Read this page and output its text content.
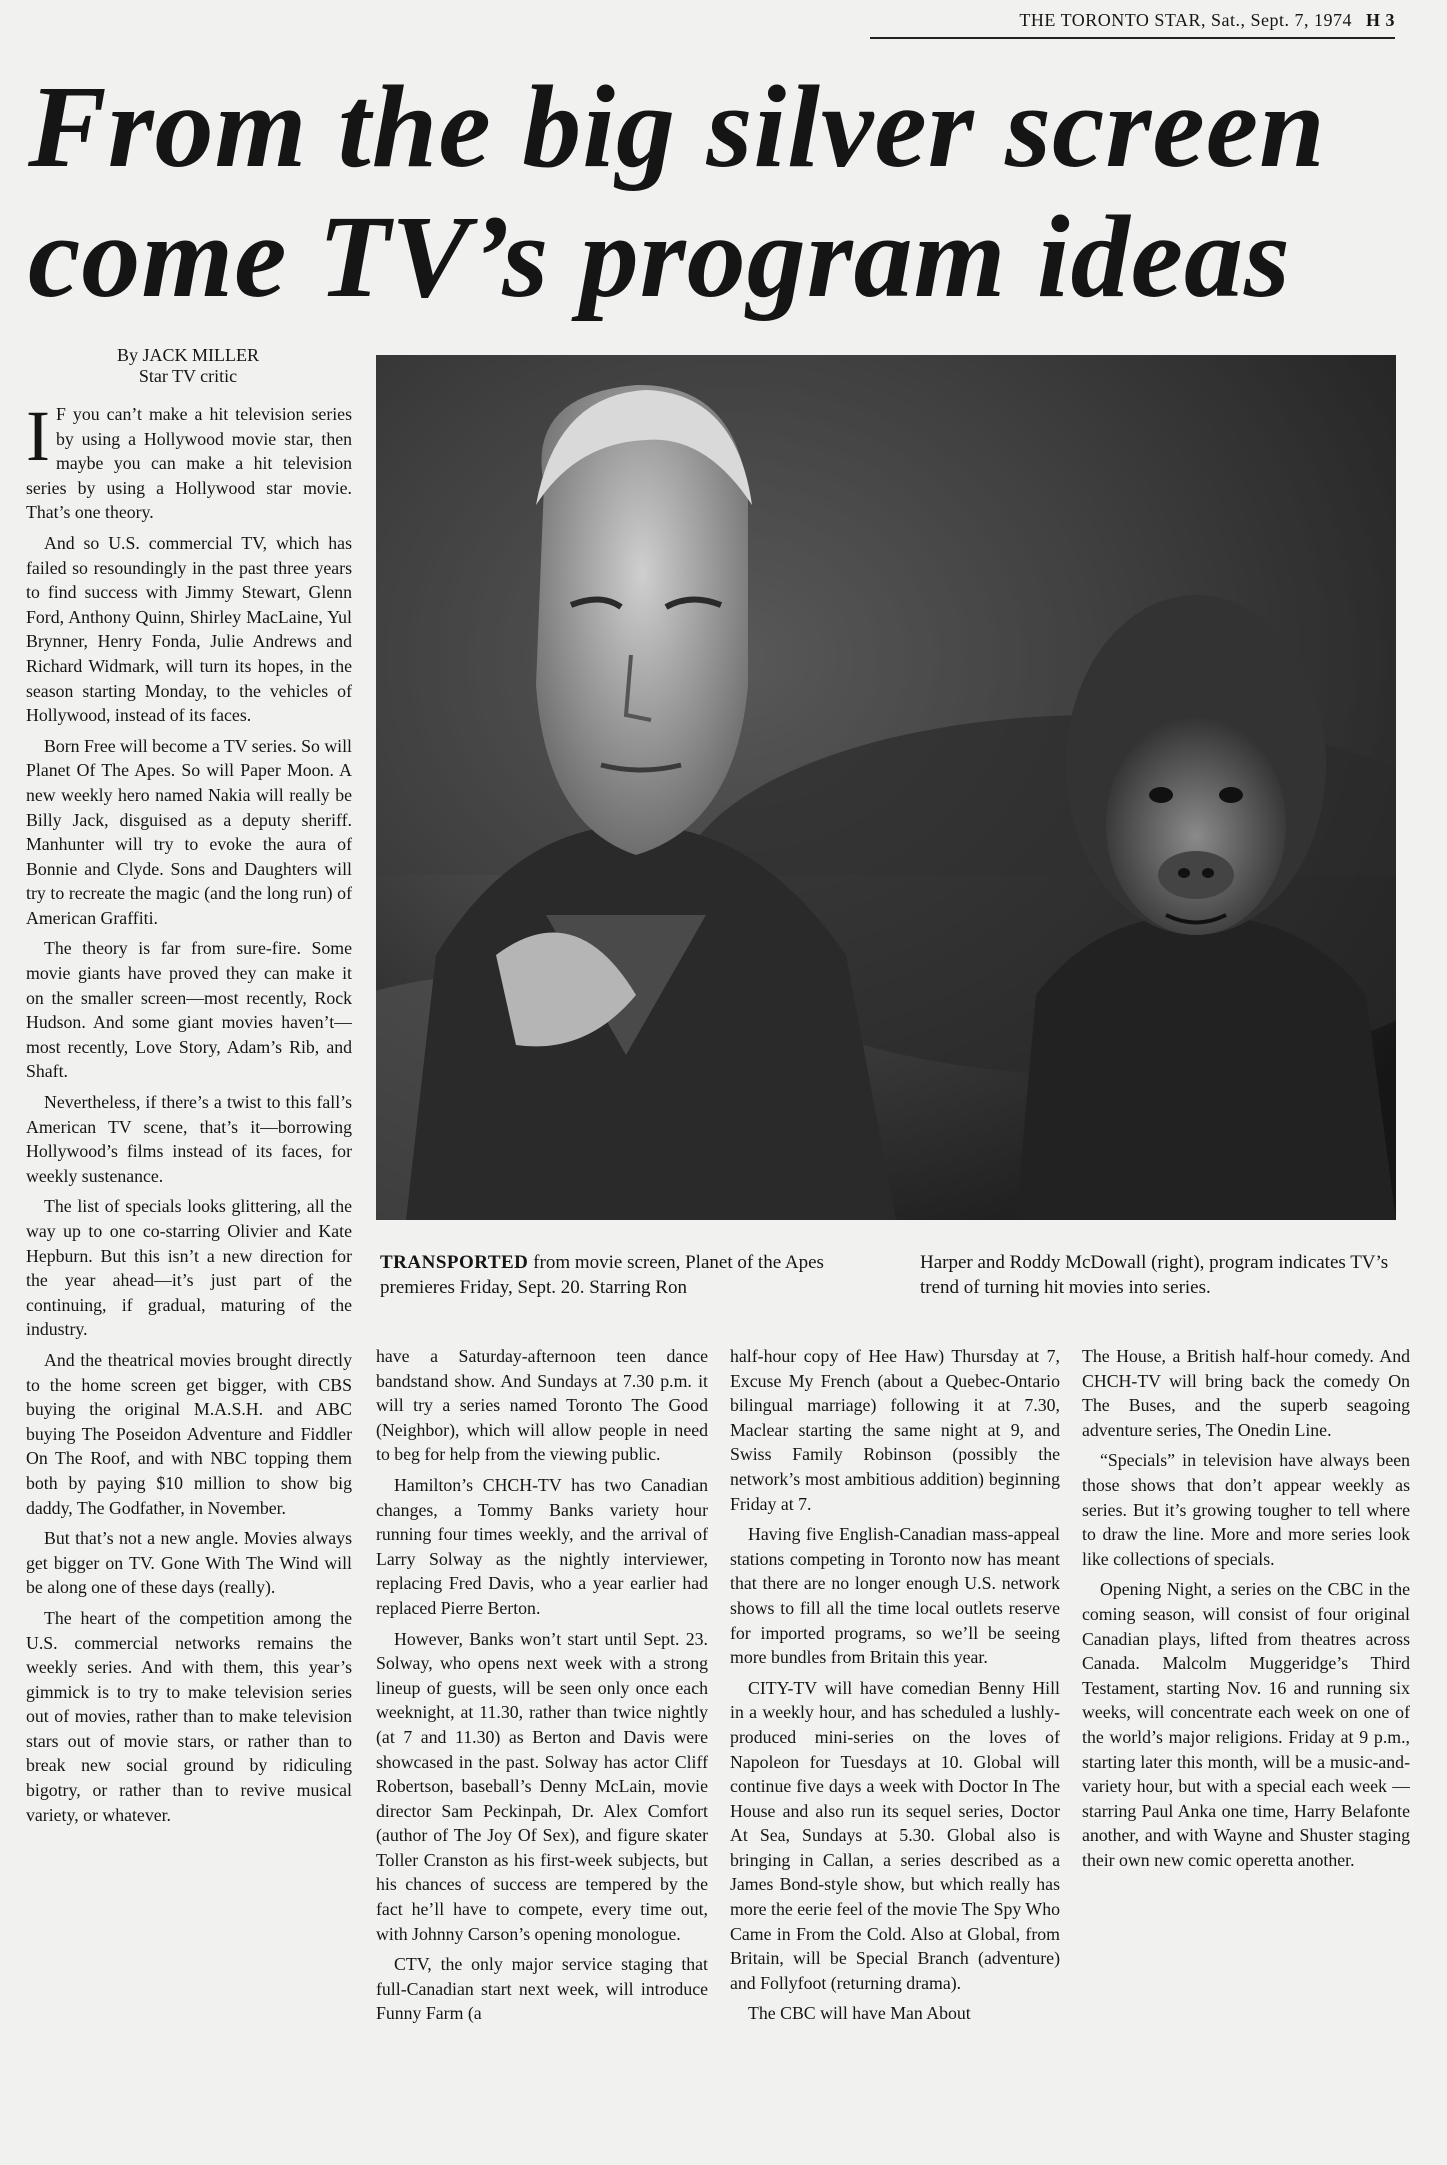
THE TORONTO STAR, Sat., Sept. 7, 1974 H 3
From the big silver screen
come TV’s program ideas
By JACK MILLER
Star TV critic

I F you can’t make a hit television series by using a Hollywood movie star, then maybe you can make a hit television series by using a Hollywood star movie. That’s one theory.

And so U.S. commercial TV, which has failed so resoundingly in the past three years to find success with Jimmy Stewart, Glenn Ford, Anthony Quinn, Shirley MacLaine, Yul Brynner, Henry Fonda, Julie Andrews and Richard Widmark, will turn its hopes, in the season starting Monday, to the vehicles of Hollywood, instead of its faces.

Born Free will become a TV series. So will Planet Of The Apes. So will Paper Moon. A new weekly hero named Nakia will really be Billy Jack, disguised as a deputy sheriff. Manhunter will try to evoke the aura of Bonnie and Clyde. Sons and Daughters will try to recreate the magic (and the long run) of American Graffiti.

The theory is far from sure-fire. Some movie giants have proved they can make it on the smaller screen—most recently, Rock Hudson. And some giant movies haven’t—most recently, Love Story, Adam’s Rib, and Shaft.

Nevertheless, if there’s a twist to this fall’s American TV scene, that’s it—borrowing Hollywood’s films instead of its faces, for weekly sustenance.

The list of specials looks glittering, all the way up to one co-starring Olivier and Kate Hepburn. But this isn’t a new direction for the year ahead—it’s just part of the continuing, if gradual, maturing of the industry.

And the theatrical movies brought directly to the home screen get bigger, with CBS buying the original M.A.S.H. and ABC buying The Poseidon Adventure and Fiddler On The Roof, and with NBC topping them both by paying $10 million to show big daddy, The Godfather, in November.

But that’s not a new angle. Movies always get bigger on TV. Gone With The Wind will be along one of these days (really).

The heart of the competition among the U.S. commercial networks remains the weekly series. And with them, this year’s gimmick is to try to make television series out of movies, rather than to make television stars out of movie stars, or rather than to break new social ground by ridiculing bigotry, or rather than to revive musical variety, or whatever.

TRANSPORTED from movie screen, Planet of the Apes premieres Friday, Sept. 20. Starring Ron
Harper and Roddy McDowall (right), program indicates TV’s trend of turning hit movies into series.

have a Saturday-afternoon teen dance bandstand show. And Sundays at 7.30 p.m. it will try a series named Toronto The Good (Neighbor), which will allow people in need to beg for help from the viewing public.

Hamilton’s CHCH-TV has two Canadian changes, a Tommy Banks variety hour running four times weekly, and the arrival of Larry Solway as the nightly interviewer, replacing Fred Davis, who a year earlier had replaced Pierre Berton.

However, Banks won’t start until Sept. 23. Solway, who opens next week with a strong lineup of guests, will be seen only once each weeknight, at 11.30, rather than twice nightly (at 7 and 11.30) as Berton and Davis were showcased in the past. Solway has actor Cliff Robertson, baseball’s Denny McLain, movie director Sam Peckinpah, Dr. Alex Comfort (author of The Joy Of Sex), and figure skater Toller Cranston as his first-week subjects, but his chances of success are tempered by the fact he’ll have to compete, every time out, with Johnny Carson’s opening monologue.

CTV, the only major service staging that full-Canadian start next week, will introduce Funny Farm (a

half-hour copy of Hee Haw) Thursday at 7, Excuse My French (about a Quebec-Ontario bilingual marriage) following it at 7.30, Maclear starting the same night at 9, and Swiss Family Robinson (possibly the network’s most ambitious addition) beginning Friday at 7.

Having five English-Canadian mass-appeal stations competing in Toronto now has meant that there are no longer enough U.S. network shows to fill all the time local outlets reserve for imported programs, so we’ll be seeing more bundles from Britain this year.

CITY-TV will have comedian Benny Hill in a weekly hour, and has scheduled a lushly-produced mini-series on the loves of Napoleon for Tuesdays at 10. Global will continue five days a week with Doctor In The House and also run its sequel series, Doctor At Sea, Sundays at 5.30. Global also is bringing in Callan, a series described as a James Bond-style show, but which really has more the eerie feel of the movie The Spy Who Came in From the Cold. Also at Global, from Britain, will be Special Branch (adventure) and Follyfoot (returning drama).

The CBC will have Man About

The House, a British half-hour comedy. And CHCH-TV will bring back the comedy On The Buses, and the superb seagoing adventure series, The Onedin Line.

“Specials” in television have always been those shows that don’t appear weekly as series. But it’s growing tougher to tell where to draw the line. More and more series look like collections of specials.

Opening Night, a series on the CBC in the coming season, will consist of four original Canadian plays, lifted from theatres across Canada. Malcolm Muggeridge’s Third Testament, starting Nov. 16 and running six weeks, will concentrate each week on one of the world’s major religions. Friday at 9 p.m., starting later this month, will be a music-and-variety hour, but with a special each week — starring Paul Anka one time, Harry Belafonte another, and with Wayne and Shuster staging their own new comic operetta another.
